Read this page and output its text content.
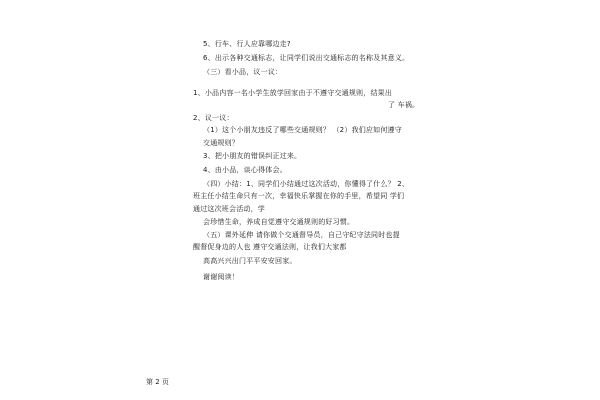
5、行车、行人应靠哪边走?
6、出示各种交通标志，让同学们说出交通标志的名称及其意义。
（三）看小品，议一议：
1、小品内容一名小学生放学回家由于不遵守交通规则，结果出
了 车祸。
2、议一议：
（1）这个小朋友违反了哪些交通规则？ （2）我们应如何遵守
交通规则？
3、把小朋友的错误纠正过来。
4、由小品，谈心得体会。
（四）小结：1、同学们小结通过这次活动，你懂得了什么？ 2、
班主任小结生命只有一次，幸福快乐掌握在你的手里，希望同 学们
通过这次班会活动，学
会珍惜生命，养成自觉遵守交通规则的好习惯。
（五）课外延伸 请你做个交通督导员，自己守纪守法同时也提
醒督促身边的人也 遵守交通法则，让我们大家都
高高兴兴出门平平安安回家。
谢谢阅读！
第 2 页
